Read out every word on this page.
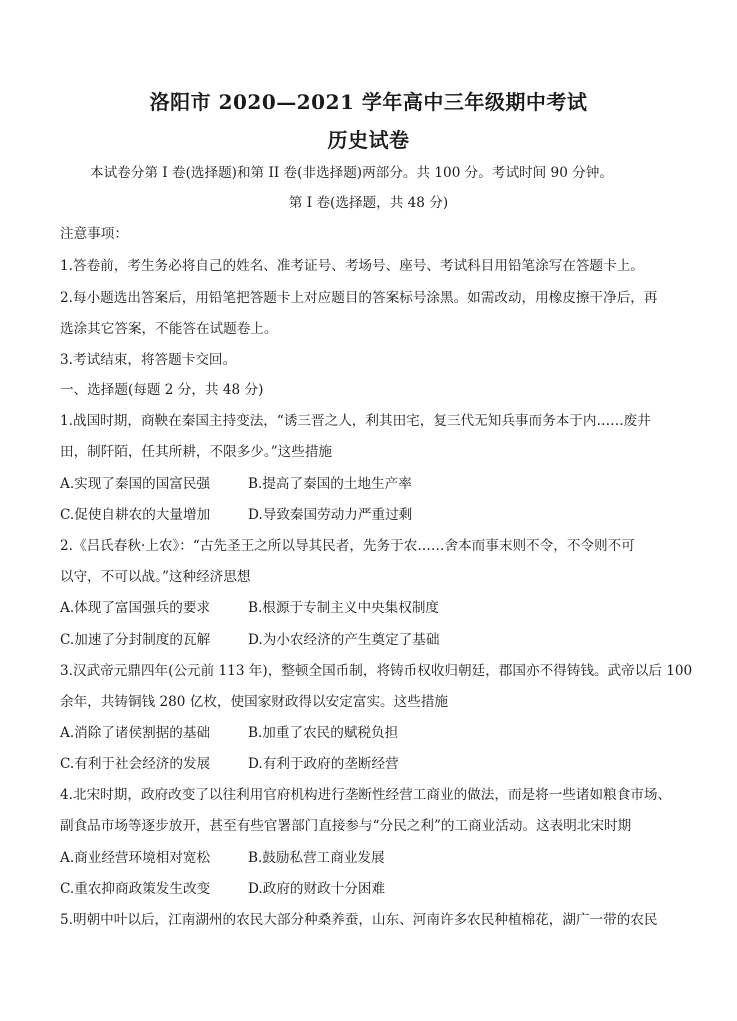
洛阳市 2020—2021 学年高中三年级期中考试
历史试卷
本试卷分第 I 卷(选择题)和第 II 卷(非选择题)两部分。共 100 分。考试时间 90 分钟。
第 I 卷(选择题，共 48 分)
注意事项：
1.答卷前，考生务必将自己的姓名、准考证号、考场号、座号、考试科目用铅笔涂写在答题卡上。
2.每小题选出答案后，用铅笔把答题卡上对应题目的答案标号涂黑。如需改动，用橡皮擦干净后，再
选涂其它答案，不能答在试题卷上。
3.考试结束，将答题卡交回。
一、选择题(每题 2 分，共 48 分)
1.战国时期，商鞅在秦国主持变法，“诱三晋之人，利其田宅，复三代无知兵事而务本于内……废井
田，制阡陌，任其所耕，不限多少。”这些措施
A.实现了秦国的国富民强	B.提高了秦国的土地生产率
C.促使自耕农的大量增加	D.导致秦国劳动力严重过剩
2.《吕氏春秋·上农》：“古先圣王之所以导其民者，先务于农……舍本而事末则不令，不令则不可
以守，不可以战。”这种经济思想
A.体现了富国强兵的要求	B.根源于专制主义中央集权制度
C.加速了分封制度的瓦解	D.为小农经济的产生奠定了基础
3.汉武帝元鼎四年(公元前 113 年)，整顿全国币制，将铸币权收归朝廷，郡国亦不得铸钱。武帝以后 100
余年，共铸铜钱 280 亿枚，使国家财政得以安定富实。这些措施
A.消除了诸侯割据的基础	B.加重了农民的赋税负担
C.有利于社会经济的发展	D.有利于政府的垄断经营
4.北宋时期，政府改变了以往利用官府机构进行垄断性经营工商业的做法，而是将一些诸如粮食市场、
副食品市场等逐步放开，甚至有些官署部门直接参与“分民之利”的工商业活动。这表明北宋时期
A.商业经营环境相对宽松	B.鼓励私营工商业发展
C.重农抑商政策发生改变	D.政府的财政十分困难
5.明朝中叶以后，江南湖州的农民大部分种桑养蚕，山东、河南许多农民种植棉花，湖广一带的农民
